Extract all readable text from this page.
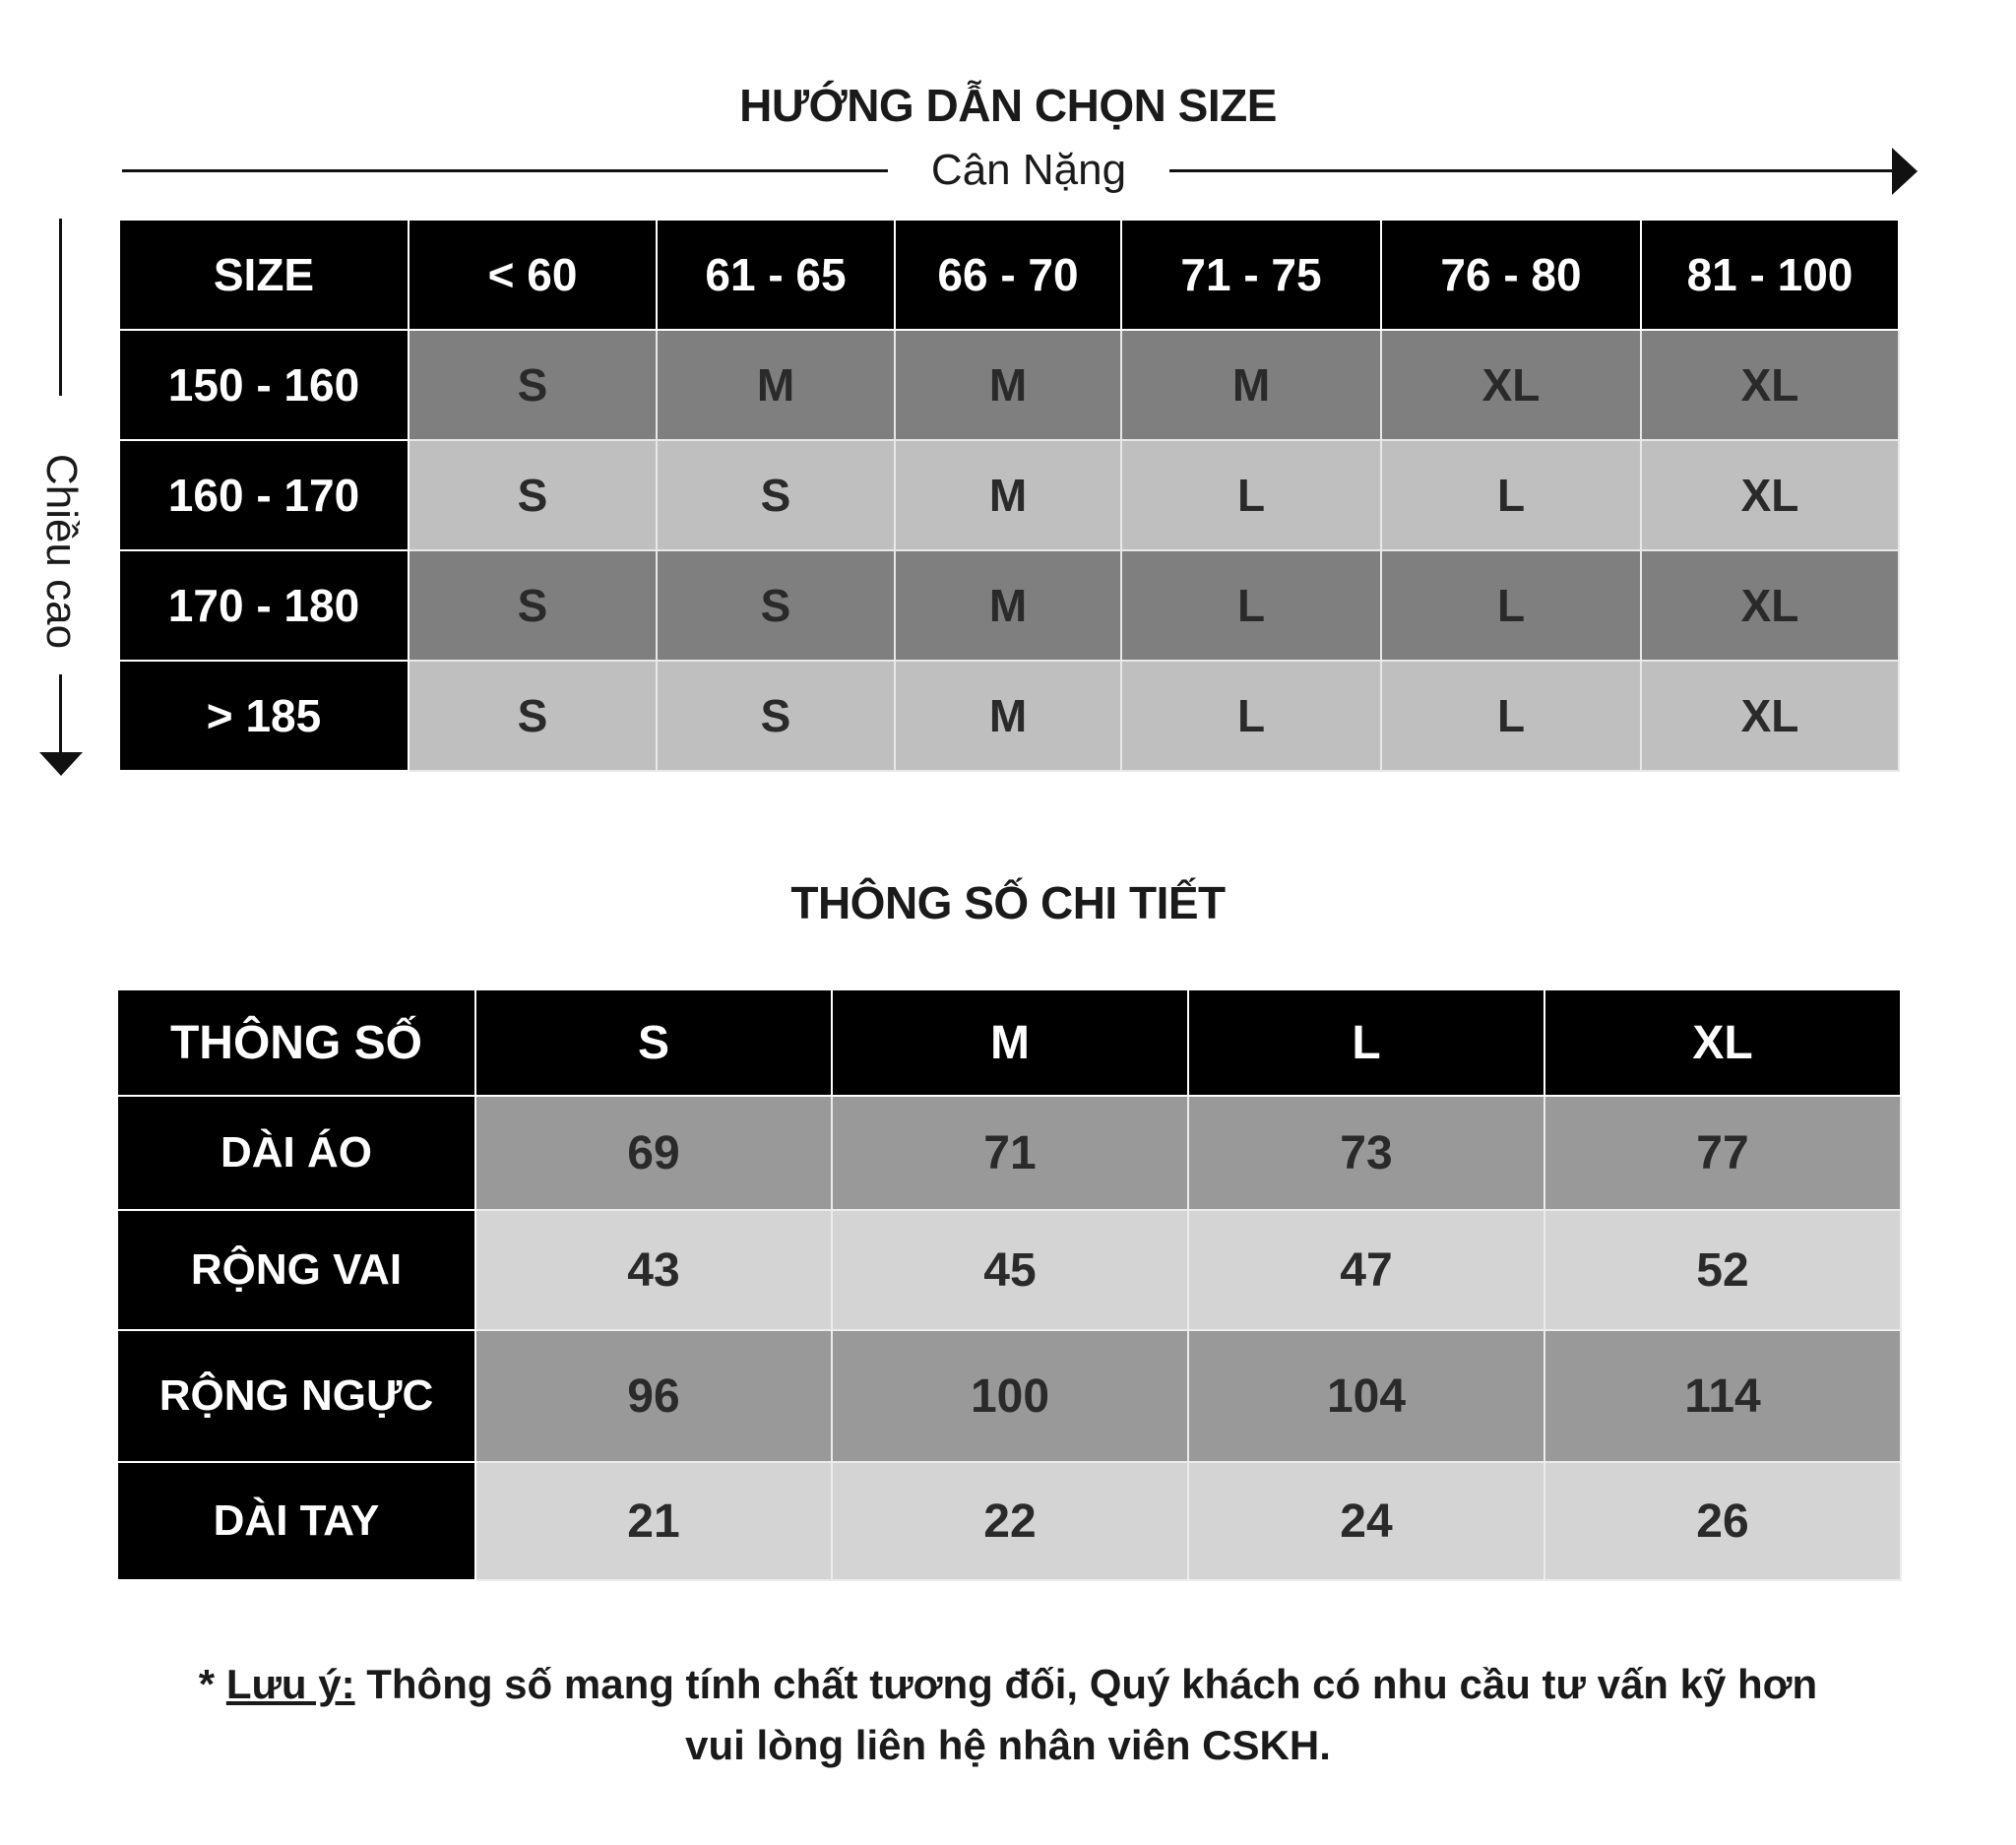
HƯỚNG DẪN CHỌN SIZE
Cân Nặng
Chiều cao
SIZE	< 60	61 - 65	66 - 70	71 - 75	76 - 80	81 - 100
150 - 160	S	M	M	M	XL	XL
160 - 170	S	S	M	L	L	XL
170 - 180	S	S	M	L	L	XL
> 185	S	S	M	L	L	XL
THÔNG SỐ CHI TIẾT
THÔNG SỐ	S	M	L	XL
DÀI ÁO	69	71	73	77
RỘNG VAI	43	45	47	52
RỘNG NGỰC	96	100	104	114
DÀI TAY	21	22	24	26
* Lưu ý: Thông số mang tính chất tương đối, Quý khách có nhu cầu tư vấn kỹ hơn
vui lòng liên hệ nhân viên CSKH.
